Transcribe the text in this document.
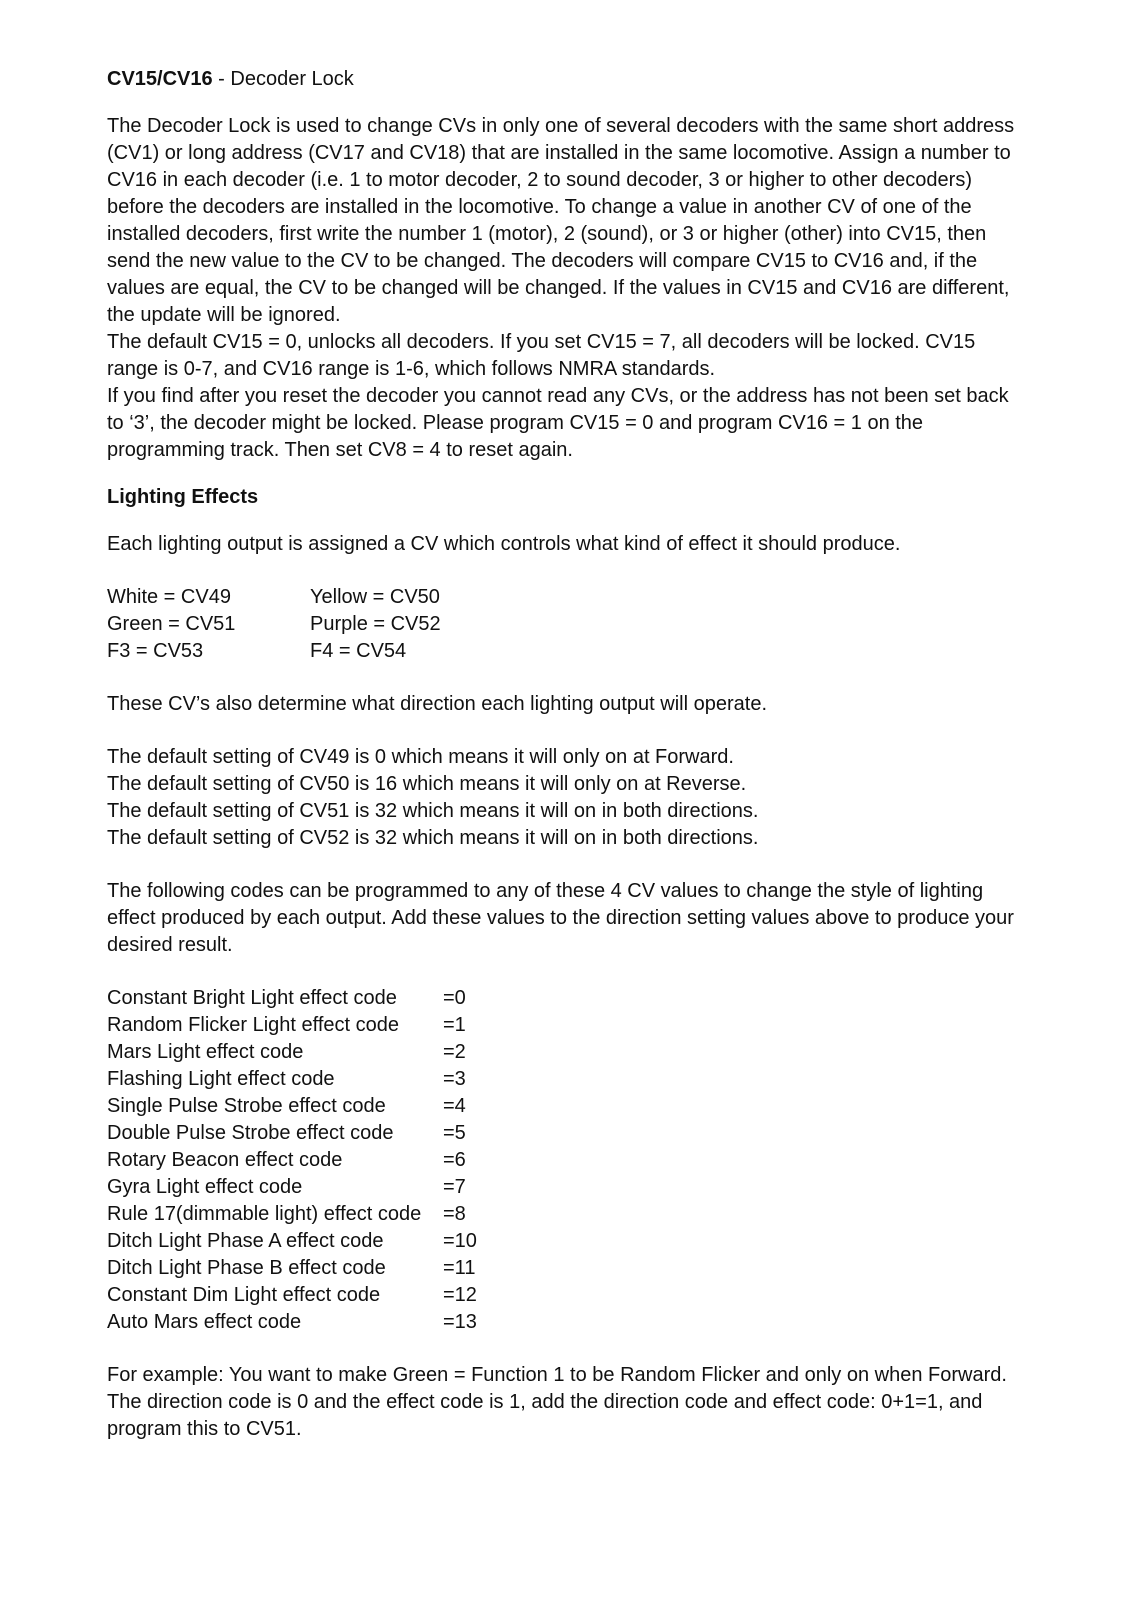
CV15/CV16 - Decoder Lock

The Decoder Lock is used to change CVs in only one of several decoders with the same short address (CV1) or long address (CV17 and CV18) that are installed in the same locomotive. Assign a number to CV16 in each decoder (i.e. 1 to motor decoder, 2 to sound decoder, 3 or higher to other decoders) before the decoders are installed in the locomotive. To change a value in another CV of one of the installed decoders, first write the number 1 (motor), 2 (sound), or 3 or higher (other) into CV15, then send the new value to the CV to be changed. The decoders will compare CV15 to CV16 and, if the values are equal, the CV to be changed will be changed. If the values in CV15 and CV16 are different, the update will be ignored.

The default CV15 = 0, unlocks all decoders. If you set CV15 = 7, all decoders will be locked. CV15 range is 0-7, and CV16 range is 1-6, which follows NMRA standards.

If you find after you reset the decoder you cannot read any CVs, or the address has not been set back to ‘3’, the decoder might be locked. Please program CV15 = 0 and program CV16 = 1 on the programming track. Then set CV8 = 4 to reset again.

Lighting Effects

Each lighting output is assigned a CV which controls what kind of effect it should produce.

White = CV49	Yellow = CV50
Green = CV51	Purple = CV52
F3 = CV53	F4 = CV54

These CV’s also determine what direction each lighting output will operate.

The default setting of CV49 is 0 which means it will only on at Forward.

The default setting of CV50 is 16 which means it will only on at Reverse.

The default setting of CV51 is 32 which means it will on in both directions.

The default setting of CV52 is 32 which means it will on in both directions.

The following codes can be programmed to any of these 4 CV values to change the style of lighting effect produced by each output. Add these values to the direction setting values above to produce your desired result.

Constant Bright Light effect code	=0
Random Flicker Light effect code	=1
Mars Light effect code	=2
Flashing Light effect code	=3
Single Pulse Strobe effect code	=4
Double Pulse Strobe effect code	=5
Rotary Beacon effect code	=6
Gyra Light effect code	=7
Rule 17(dimmable light) effect code	=8
Ditch Light Phase A effect code	=10
Ditch Light Phase B effect code	=11
Constant Dim Light effect code	=12
Auto Mars effect code	=13

For example: You want to make Green = Function 1 to be Random Flicker and only on when Forward. The direction code is 0 and the effect code is 1, add the direction code and effect code: 0+1=1, and program this to CV51.
